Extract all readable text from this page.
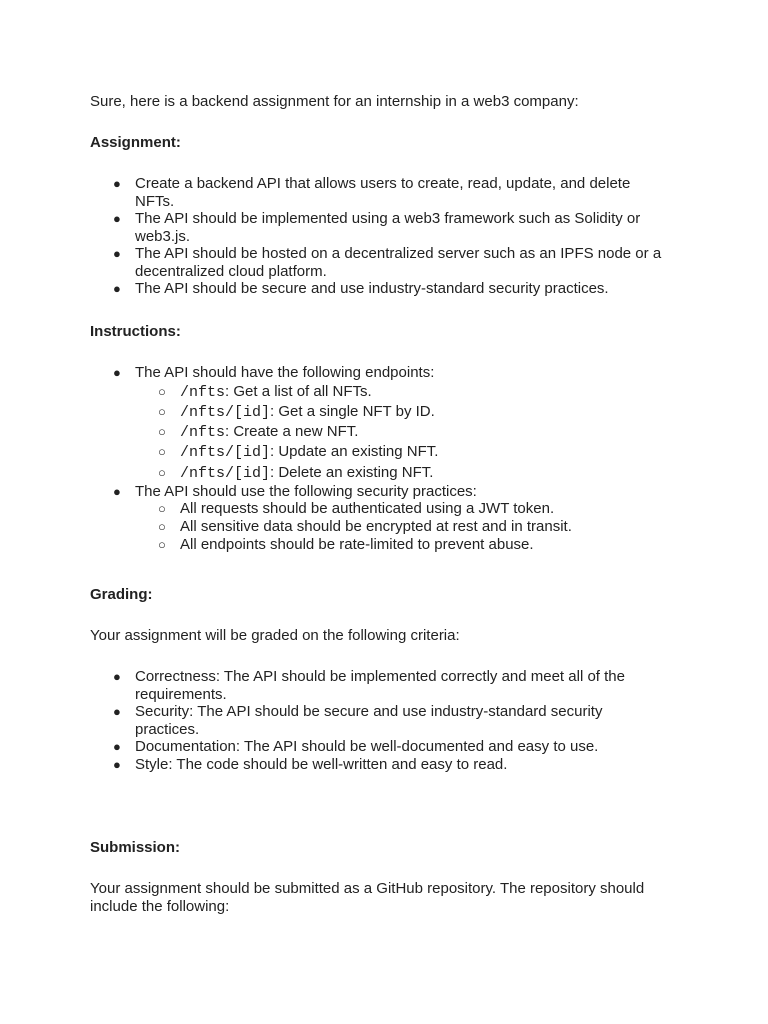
Sure, here is a backend assignment for an internship in a web3 company:

Assignment:

● Create a backend API that allows users to create, read, update, and delete NFTs.
● The API should be implemented using a web3 framework such as Solidity or web3.js.
● The API should be hosted on a decentralized server such as an IPFS node or a decentralized cloud platform.
● The API should be secure and use industry-standard security practices.

Instructions:

● The API should have the following endpoints:
○ /nfts: Get a list of all NFTs.
○ /nfts/[id]: Get a single NFT by ID.
○ /nfts: Create a new NFT.
○ /nfts/[id]: Update an existing NFT.
○ /nfts/[id]: Delete an existing NFT.
● The API should use the following security practices:
○ All requests should be authenticated using a JWT token.
○ All sensitive data should be encrypted at rest and in transit.
○ All endpoints should be rate-limited to prevent abuse.

Grading:

Your assignment will be graded on the following criteria:

● Correctness: The API should be implemented correctly and meet all of the requirements.
● Security: The API should be secure and use industry-standard security practices.
● Documentation: The API should be well-documented and easy to use.
● Style: The code should be well-written and easy to read.

Submission:

Your assignment should be submitted as a GitHub repository. The repository should include the following:
